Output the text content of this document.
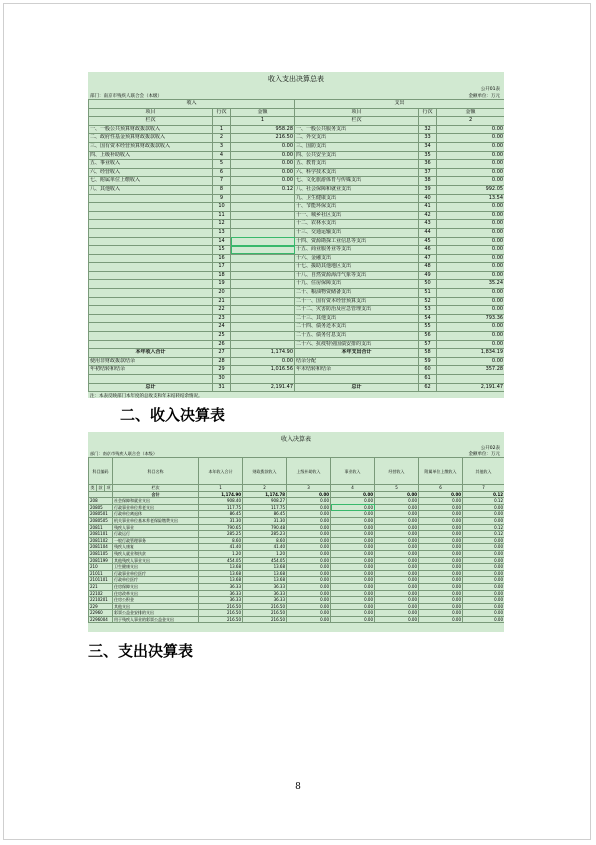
收入支出决算总表
公开01表
部门：南京市残疾人联合会（本级）	金额单位：万元
收入			支出		
项目	行次	金额	项目	行次	金额
栏次		1	栏次		2
一、一般公共预算财政拨款收入	1	958.28	一、一般公共服务支出	32	0.00
二、政府性基金预算财政拨款收入	2	216.50	二、外交支出	33	0.00
三、国有资本经营预算财政拨款收入	3	0.00	三、国防支出	34	0.00
四、上级补助收入	4	0.00	四、公共安全支出	35	0.00
五、事业收入	5	0.00	五、教育支出	36	0.00
六、经营收入	6	0.00	六、科学技术支出	37	0.00
七、附属单位上缴收入	7	0.00	七、文化旅游体育与传媒支出	38	0.00
八、其他收入	8	0.12	八、社会保障和就业支出	39	992.05
	9		九、卫生健康支出	40	13.54
	10		十、节能环保支出	41	0.00
	11		十一、城乡社区支出	42	0.00
	12		十二、农林水支出	43	0.00
	13		十三、交通运输支出	44	0.00
	14		十四、资源勘探工业信息等支出	45	0.00
	15		十五、商业服务业等支出	46	0.00
	16		十六、金融支出	47	0.00
	17		十七、援助其他地区支出	48	0.00
	18		十八、自然资源海洋气象等支出	49	0.00
	19		十九、住房保障支出	50	35.24
	20		二十、粮油物资储备支出	51	0.00
	21		二十一、国有资本经营预算支出	52	0.00
	22		二十二、灾害防治及应急管理支出	53	0.00
	23		二十三、其他支出	54	793.36
	24		二十四、债务还本支出	55	0.00
	25		二十五、债务付息支出	56	0.00
	26		二十六、抗疫特别国债安排的支出	57	0.00
本年收入合计	27	1,174.90	本年支出合计	58	1,834.19
使用非财政拨款结余	28	0.00	结余分配	59	0.00
年初结转和结余	29	1,016.56	年末结转和结余	60	357.28
	30			61	
总计	31	2,191.47	总计	62	2,191.47
注：本表反映部门本年度的总收支和年末结转结余情况。
二、收入决算表
收入决算表
公开02表
部门：南京市残疾人联合会（本级）	金额单位：万元
科目编码			科目名称	本年收入合计	财政拨款收入	上级补助收入	事业收入	经营收入	附属单位上缴收入	其他收入
类	款	项	栏次	1	2	3	4	5	6	7
			合计	1,174.90	1,174.78	0.00	0.00	0.00	0.00	0.12
208			社会保障和就业支出	908.40	908.27	0.00	0.00	0.00	0.00	0.12
20805			行政事业单位养老支出	117.75	117.75	0.00	0.00	0.00	0.00	0.00
2080501			行政单位离退休	86.45	86.45	0.00	0.00	0.00	0.00	0.00
2080505			机关事业单位基本养老保险缴费支出	31.30	31.30	0.00	0.00	0.00	0.00	0.00
20811			残疾人事业	790.65	790.48	0.00	0.00	0.00	0.00	0.12
2081101			行政运行	285.25	285.23	0.00	0.00	0.00	0.00	0.12
2081102			一般行政管理事务	8.60	8.60	0.00	0.00	0.00	0.00	0.00
2081104			残疾人康复	41.40	41.40	0.00	0.00	0.00	0.00	0.00
2081105			残疾人就业和扶贫	1.20	1.20	0.00	0.00	0.00	0.00	0.00
2081199			其他残疾人事业支出	454.05	454.05	0.00	0.00	0.00	0.00	0.00
210			卫生健康支出	13.68	13.68	0.00	0.00	0.00	0.00	0.00
21011			行政事业单位医疗	13.68	13.68	0.00	0.00	0.00	0.00	0.00
2101101			行政单位医疗	13.68	13.68	0.00	0.00	0.00	0.00	0.00
221			住房保障支出	36.33	36.33	0.00	0.00	0.00	0.00	0.00
22102			住房改革支出	36.33	36.33	0.00	0.00	0.00	0.00	0.00
2210201			住房公积金	36.33	36.33	0.00	0.00	0.00	0.00	0.00
229			其他支出	216.50	216.50	0.00	0.00	0.00	0.00	0.00
22960			彩票公益金安排的支出	216.50	216.50	0.00	0.00	0.00	0.00	0.00
2296004			用于残疾人事业的彩票公益金支出	216.50	216.50	0.00	0.00	0.00	0.00	0.00
三、支出决算表
8
